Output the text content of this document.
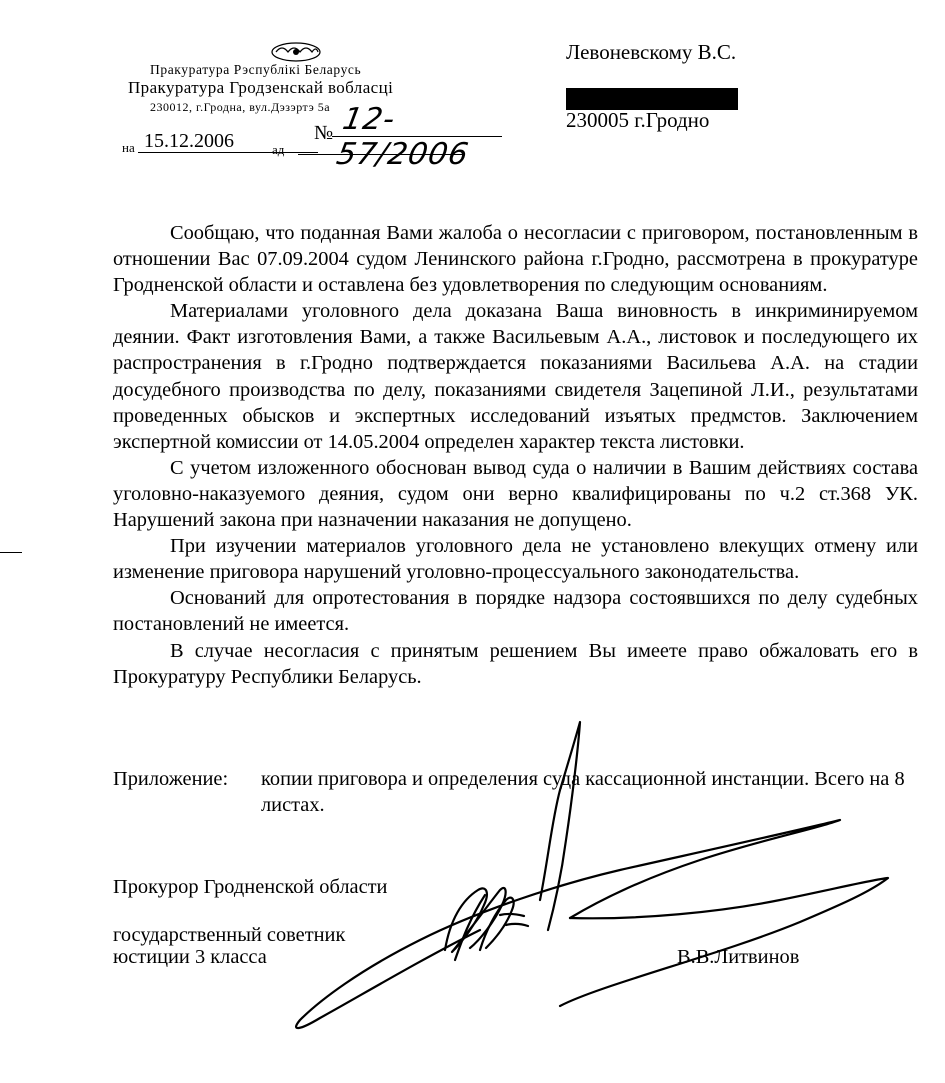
Пракуратура Рэспублікі Беларусь
Пракуратура Гродзенскай вобласці
230012, г.Гродна, вул.Дэзэртэ 5а
на 15.12.2006	№ 12-57/2006
ад
Левоневскому В.С.
230005 г.Гродно

Сообщаю, что поданная Вами жалоба о несогласии с приговором, постановленным в отношении Вас 07.09.2004 судом Ленинского района г.Гродно, рассмотрена в прокуратуре Гродненской области и оставлена без удовлетворения по следующим основаниям.

Материалами уголовного дела доказана Ваша виновность в инкриминируемом деянии. Факт изготовления Вами, а также Васильевым А.А., листовок и последующего их распространения в г.Гродно подтверждается показаниями Васильева А.А. на стадии досудебного производства по делу, показаниями свидетеля Зацепиной Л.И., результатами проведенных обысков и экспертных исследований изъятых предмстов. Заключением экспертной комиссии от 14.05.2004 определен характер текста листовки.

С учетом изложенного обоснован вывод суда о наличии в Вашим действиях состава уголовно-наказуемого деяния, судом они верно квалифицированы по ч.2 ст.368 УК. Нарушений закона при назначении наказания не допущено.

При изучении материалов уголовного дела не установлено влекущих отмену или изменение приговора нарушений уголовно-процессуального законодательства.

Оснований для опротестования в порядке надзора состоявшихся по делу судебных постановлений не имеется.

В случае несогласия с принятым решением Вы имеете право обжаловать его в Прокуратуру Республики Беларусь.

Приложение: копии приговора и определения суда кассационной инстанции. Всего на 8 листах.
Прокурор Гродненской области
государственный советник
юстиции 3 класса	В.В.Литвинов
